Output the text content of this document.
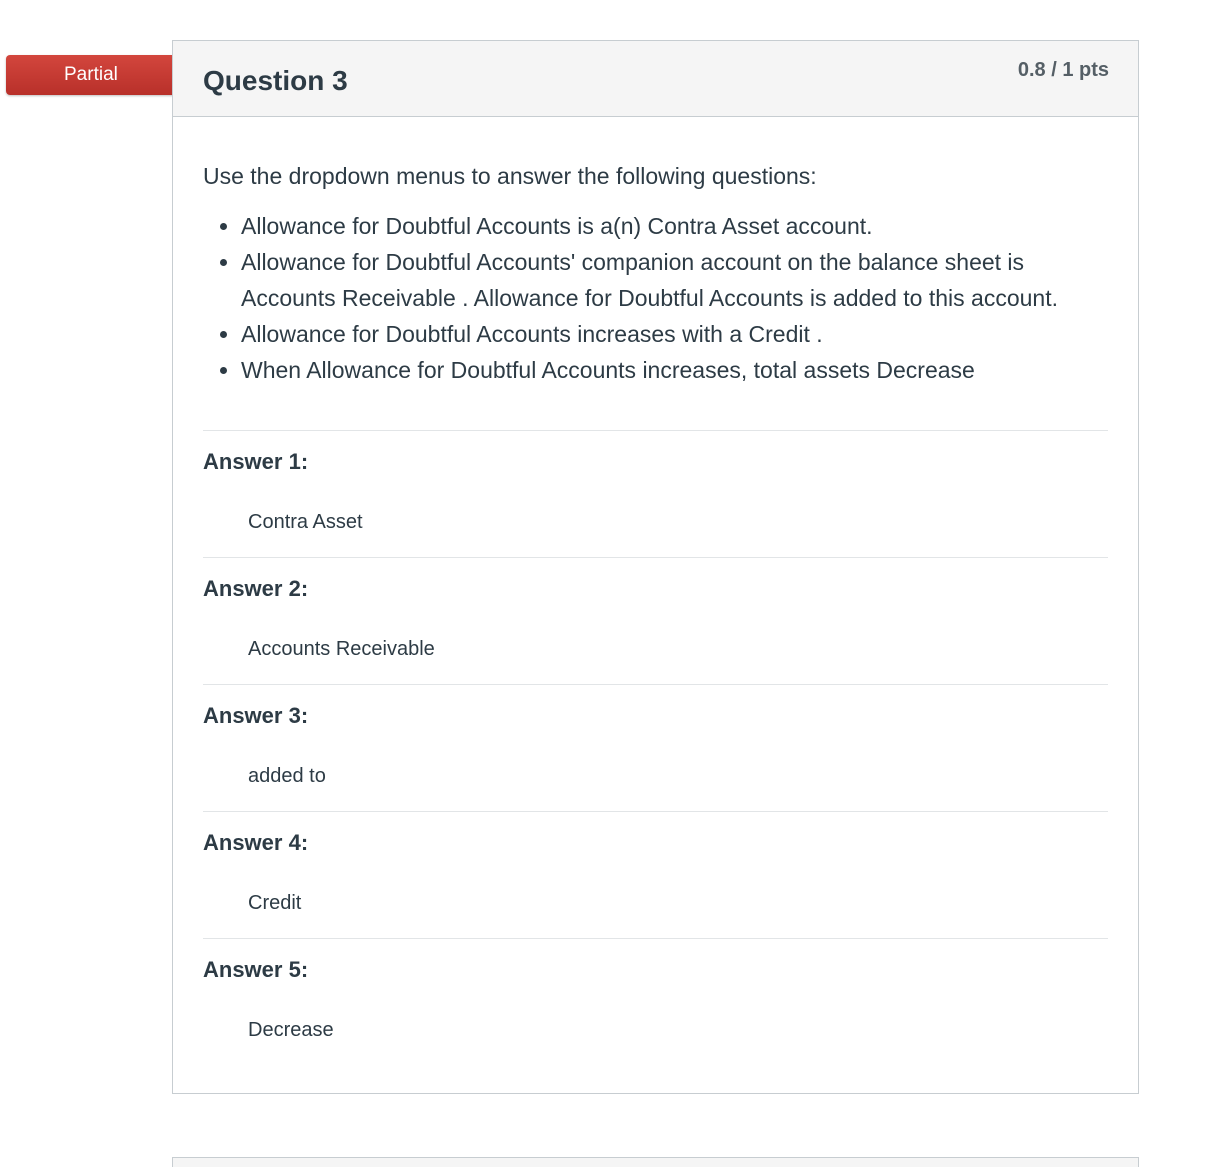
Partial	Question 3	0.8 / 1 pts

Use the dropdown menus to answer the following questions:

• Allowance for Doubtful Accounts is a(n) Contra Asset account.
• Allowance for Doubtful Accounts' companion account on the balance sheet is Accounts Receivable . Allowance for Doubtful Accounts is added to this account.
• Allowance for Doubtful Accounts increases with a Credit .
• When Allowance for Doubtful Accounts increases, total assets Decrease
Answer 1:
Contra Asset
Answer 2:
Accounts Receivable
Answer 3:
added to
Answer 4:
Credit
Answer 5:
Decrease
